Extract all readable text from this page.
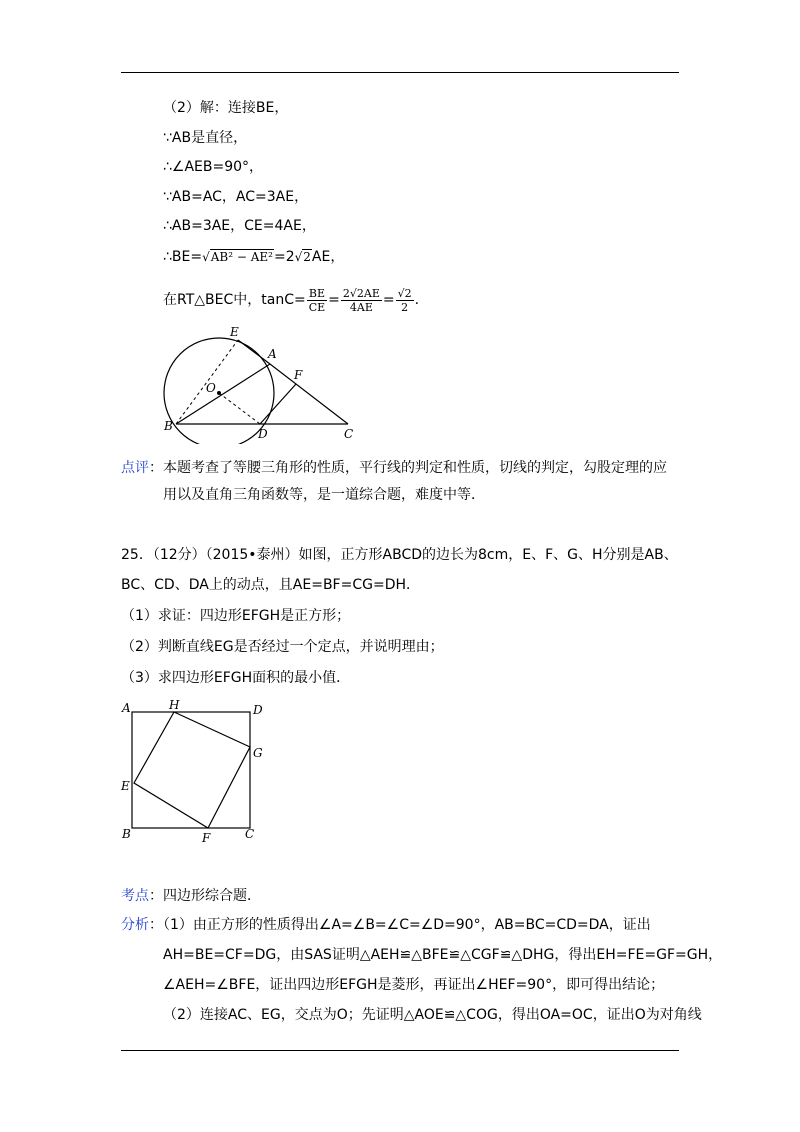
（2）解：连接BE，
∵AB是直径，
∴∠AEB=90°，
∵AB=AC，AC=3AE，
∴AB=3AE，CE=4AE，
∴BE=√AB² − AE²=2√2AE，
在RT△BEC中，$\tan C= \frac{BE}{CE} = \frac{2√2AE}{4AE} = \frac{√2}{2}$ .
E
A
O
F
B
D	C
点评：本题考查了等腰三角形的性质，平行线的判定和性质，切线的判定，勾股定理的应
用以及直角三角函数等，是一道综合题，难度中等．
25．（12分）（2015•泰州）如图，正方形ABCD的边长为8cm，E、F、G、H分别是AB、
BC、CD、DA上的动点，且AE=BF=CG=DH．
（1）求证：四边形EFGH是正方形；
（2）判断直线EG是否经过一个定点，并说明理由；
（3）求四边形EFGH面积的最小值．
A	H	D
G
E
B	F	C
考点：四边形综合题．
分析：（1）由正方形的性质得出∠A=∠B=∠C=∠D=90°，AB=BC=CD=DA，证出
AH=BE=CF=DG，由SAS证明△AEH≌△BFE≌△CGF≌△DHG，得出EH=FE=GF=GH，
∠AEH=∠BFE，证出四边形EFGH是菱形，再证出∠HEF=90°，即可得出结论；
（2）连接AC、EG，交点为O；先证明△AOE≌△COG，得出OA=OC，证出O为对角线
